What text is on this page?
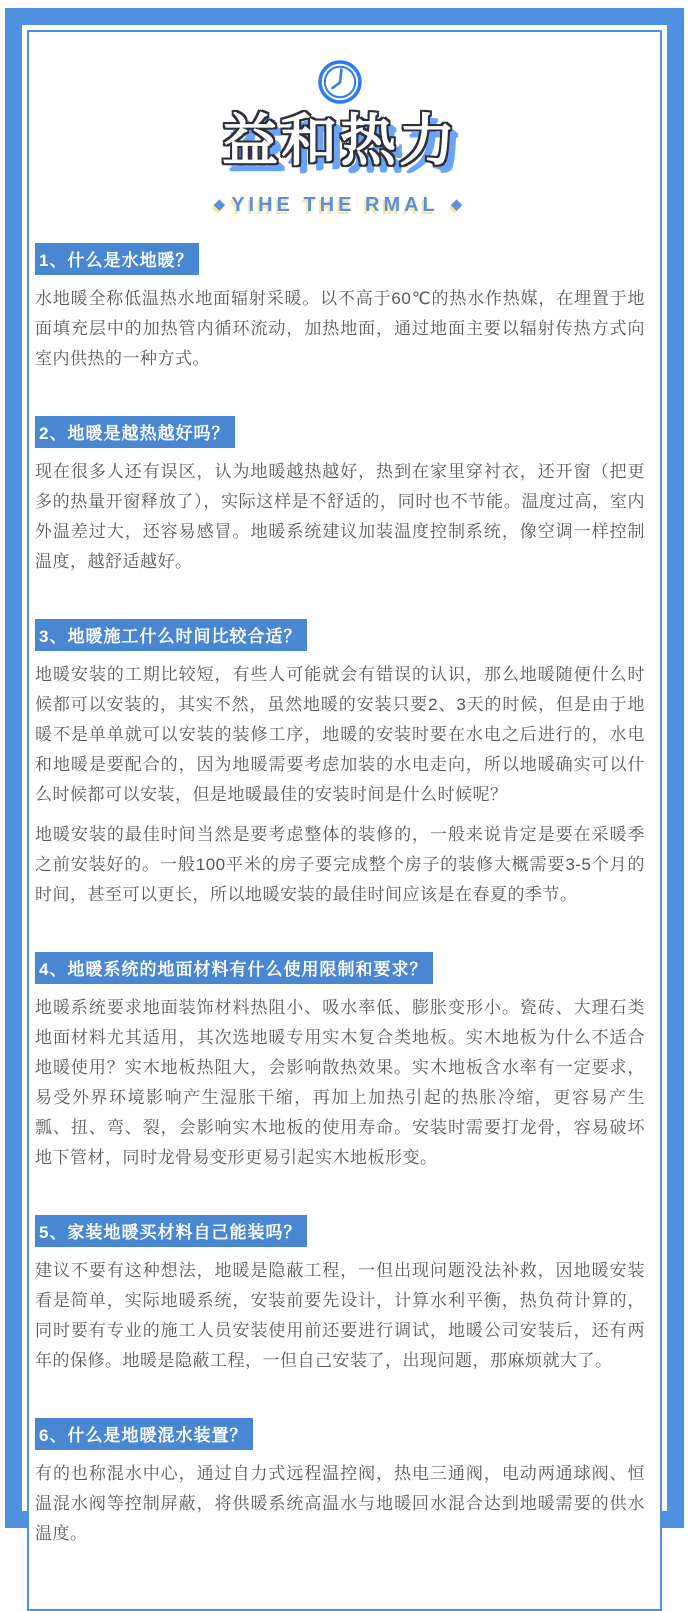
益和热力
◆ YIHE THE RMAL ◆
1、什么是水地暖？

水地暖全称低温热水地面辐射采暖。以不高于60℃的热水作热媒，在埋置于地面填充层中的加热管内循环流动，加热地面，通过地面主要以辐射传热方式向室内供热的一种方式。

2、地暖是越热越好吗？

现在很多人还有误区，认为地暖越热越好，热到在家里穿衬衣，还开窗（把更多的热量开窗释放了），实际这样是不舒适的，同时也不节能。温度过高，室内外温差过大，还容易感冒。地暖系统建议加装温度控制系统，像空调一样控制温度，越舒适越好。

3、地暖施工什么时间比较合适？

地暖安装的工期比较短，有些人可能就会有错误的认识，那么地暖随便什么时候都可以安装的，其实不然，虽然地暖的安装只要2、3天的时候，但是由于地暖不是单单就可以安装的装修工序，地暖的安装时要在水电之后进行的，水电和地暖是要配合的，因为地暖需要考虑加装的水电走向，所以地暖确实可以什么时候都可以安装，但是地暖最佳的安装时间是什么时候呢？

地暖安装的最佳时间当然是要考虑整体的装修的，一般来说肯定是要在采暖季之前安装好的。一般100平米的房子要完成整个房子的装修大概需要3-5个月的时间，甚至可以更长，所以地暖安装的最佳时间应该是在春夏的季节。

4、地暖系统的地面材料有什么使用限制和要求？

地暖系统要求地面装饰材料热阻小、吸水率低、膨胀变形小。瓷砖、大理石类地面材料尤其适用，其次选地暖专用实木复合类地板。实木地板为什么不适合地暖使用？实木地板热阻大，会影响散热效果。实木地板含水率有一定要求，易受外界环境影响产生湿胀干缩，再加上加热引起的热胀冷缩，更容易产生瓢、扭、弯、裂，会影响实木地板的使用寿命。安装时需要打龙骨，容易破坏地下管材，同时龙骨易变形更易引起实木地板形变。

5、家装地暖买材料自己能装吗？

建议不要有这种想法，地暖是隐蔽工程，一但出现问题没法补救，因地暖安装看是简单，实际地暖系统，安装前要先设计，计算水利平衡，热负荷计算的，同时要有专业的施工人员安装使用前还要进行调试，地暖公司安装后，还有两年的保修。地暖是隐蔽工程，一但自己安装了，出现问题，那麻烦就大了。

6、什么是地暖混水装置？

有的也称混水中心，通过自力式远程温控阀，热电三通阀，电动两通球阀、恒温混水阀等控制屏蔽，将供暖系统高温水与地暖回水混合达到地暖需要的供水温度。
